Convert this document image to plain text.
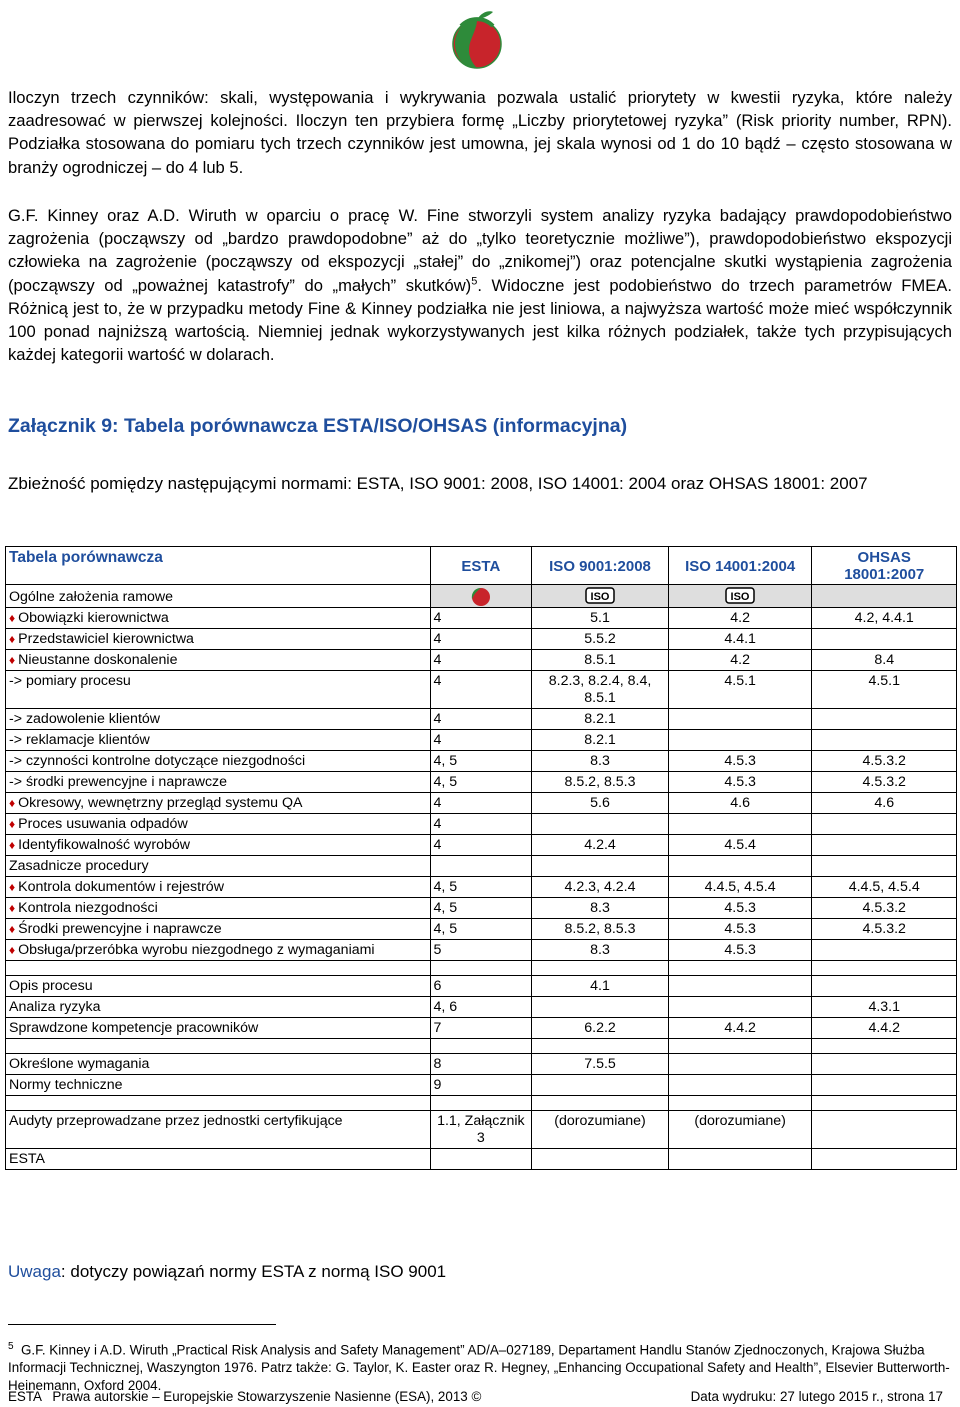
Iloczyn trzech czynników: skali, występowania i wykrywania pozwala ustalić priorytety w kwestii ryzyka, które należy zaadresować w pierwszej kolejności. Iloczyn ten przybiera formę „Liczby priorytetowej ryzyka” (Risk priority number, RPN). Podziałka stosowana do pomiaru tych trzech czynników jest umowna, jej skala wynosi od 1 do 10 bądź – często stosowana w branży ogrodniczej – do 4 lub 5.

G.F. Kinney oraz A.D. Wiruth w oparciu o pracę W. Fine stworzyli system analizy ryzyka badający prawdopodobieństwo zagrożenia (począwszy od „bardzo prawdopodobne” aż do „tylko teoretycznie możliwe”), prawdopodobieństwo ekspozycji człowieka na zagrożenie (począwszy od ekspozycji „stałej” do „znikomej”) oraz potencjalne skutki wystąpienia zagrożenia (począwszy od „poważnej katastrofy” do „małych” skutków)$^5$. Widoczne jest podobieństwo do trzech parametrów FMEA. Różnicą jest to, że w przypadku metody Fine & Kinney podziałka nie jest liniowa, a najwyższa wartość może mieć współczynnik 100 ponad najniższą wartością. Niemniej jednak wykorzystywanych jest kilka różnych podziałek, także tych przypisujących każdej kategorii wartość w dolarach.

Załącznik 9: Tabela porównawcza ESTA/ISO/OHSAS (informacyjna)

Zbieżność pomiędzy następującymi normami: ESTA, ISO 9001: 2008, ISO 14001: 2004 oraz OHSAS 18001: 2007

Tabela porównawcza	ESTA	ISO 9001:2008	ISO 14001:2004	OHSAS 18001:2007
Ogólne założenia ramowe		ISO	ISO	

♦ Obowiązki kierownictwa	4	5.1	4.2	4.2, 4.4.1
♦ Przedstawiciel kierownictwa	4	5.5.2	4.4.1	
♦ Nieustanne doskonalenie	4	8.5.1	4.2	8.4
-> pomiary procesu	4	8.2.3, 8.2.4, 8.4, 8.5.1	4.5.1	4.5.1
-> zadowolenie klientów	4	8.2.1		
-> reklamacje klientów	4	8.2.1		
-> czynności kontrolne dotyczące niezgodności	4, 5	8.3	4.5.3	4.5.3.2
-> środki prewencyjne i naprawcze	4, 5	8.5.2, 8.5.3	4.5.3	4.5.3.2
♦ Okresowy, wewnętrzny przegląd systemu QA	4	5.6	4.6	4.6
♦ Proces usuwania odpadów	4			
♦ Identyfikowalność wyrobów	4	4.2.4	4.5.4	
Zasadnicze procedury				
♦ Kontrola dokumentów i rejestrów	4, 5	4.2.3, 4.2.4	4.4.5, 4.5.4	4.4.5, 4.5.4
♦ Kontrola niezgodności	4, 5	8.3	4.5.3	4.5.3.2
♦ Środki prewencyjne i naprawcze	4, 5	8.5.2, 8.5.3	4.5.3	4.5.3.2
♦ Obsługa/przeróbka wyrobu niezgodnego z wymaganiami	5	8.3	4.5.3	

Opis procesu	6	4.1		
Analiza ryzyka	4, 6			4.3.1
Sprawdzone kompetencje pracowników	7	6.2.2	4.4.2	4.4.2

Określone wymagania	8	7.5.5		
Normy techniczne	9			

Audyty przeprowadzane przez jednostki certyfikujące	1.1, Załącznik 3	(dorozumiane)	(dorozumiane)	
ESTA				

Uwaga: dotyczy powiązań normy ESTA z normą ISO 9001

$^5$ G.F. Kinney i A.D. Wiruth „Practical Risk Analysis and Safety Management” AD/A–027189, Departament Handlu Stanów Zjednoczonych, Krajowa Służba Informacji Technicznej, Waszyngton 1976. Patrz także: G. Taylor, K. Easter oraz R. Hegney, „Enhancing Occupational Safety and Health”, Elsevier Butterworth-Heinemann, Oxford 2004.

ESTA   Prawa autorskie – Europejskie Stowarzyszenie Nasienne (ESA), 2013 ©	Data wydruku: 27 lutego 2015 r., strona 17
